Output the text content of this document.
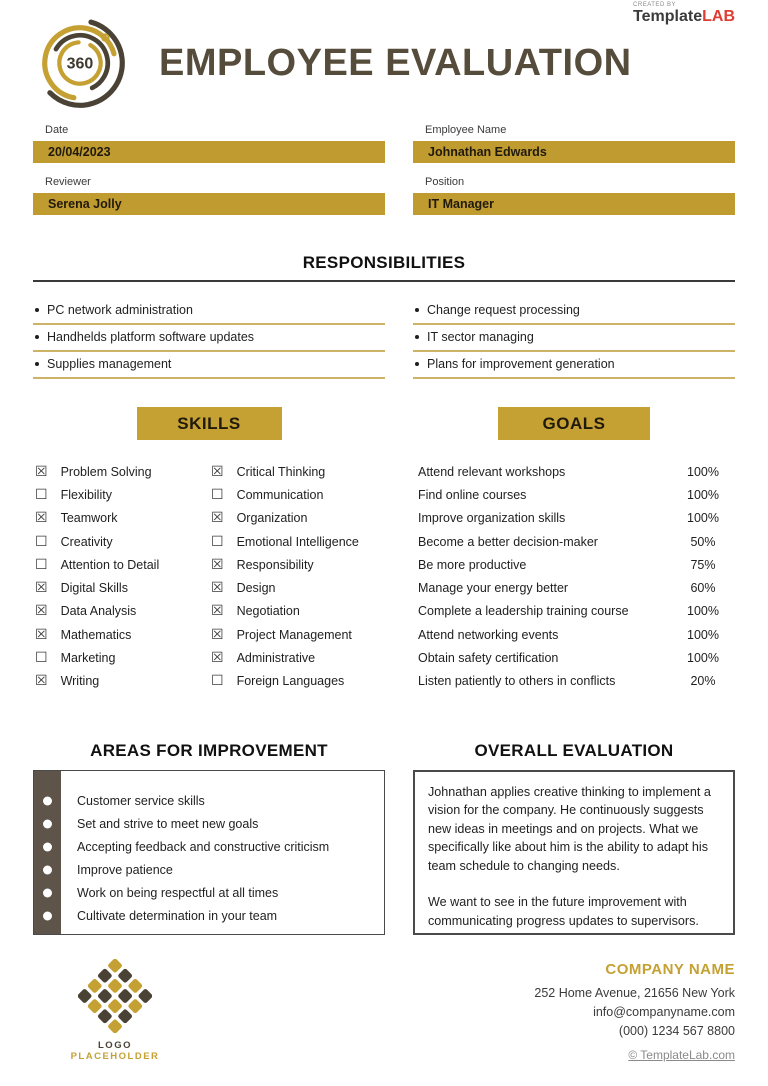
360 EMPLOYEE EVALUATION
CREATED BY
TemplateLAB
Date
20/04/2023
Employee Name
Johnathan Edwards
Reviewer
Serena Jolly
Position
IT Manager
RESPONSIBILITIES
PC network administration
Handhelds platform software updates
Supplies management
Change request processing
IT sector managing
Plans for improvement generation
SKILLS
☒ Problem Solving
☐ Flexibility
☒ Teamwork
☐ Creativity
☐ Attention to Detail
☒ Digital Skills
☒ Data Analysis
☒ Mathematics
☐ Marketing
☒ Writing
☒ Critical Thinking
☐ Communication
☒ Organization
☐ Emotional Intelligence
☒ Responsibility
☒ Design
☒ Negotiation
☒ Project Management
☒ Administrative
☐ Foreign Languages
GOALS
Attend relevant workshops	100%
Find online courses	100%
Improve organization skills	100%
Become a better decision-maker	50%
Be more productive	75%
Manage your energy better	60%
Complete a leadership training course	100%
Attend networking events	100%
Obtain safety certification	100%
Listen patiently to others in conflicts	20%
AREAS FOR IMPROVEMENT
Customer service skills
Set and strive to meet new goals
Accepting feedback and constructive criticism
Improve patience
Work on being respectful at all times
Cultivate determination in your team
OVERALL EVALUATION

Johnathan applies creative thinking to implement a vision for the company. He continuously suggests new ideas in meetings and on projects. What we specifically like about him is the ability to adapt his team schedule to changing needs.

We want to see in the future improvement with communicating progress updates to supervisors.

LOGO
PLACEHOLDER
COMPANY NAME
252 Home Avenue, 21656 New York
info@companyname.com
(000) 1234 567 8800
© TemplateLab.com
